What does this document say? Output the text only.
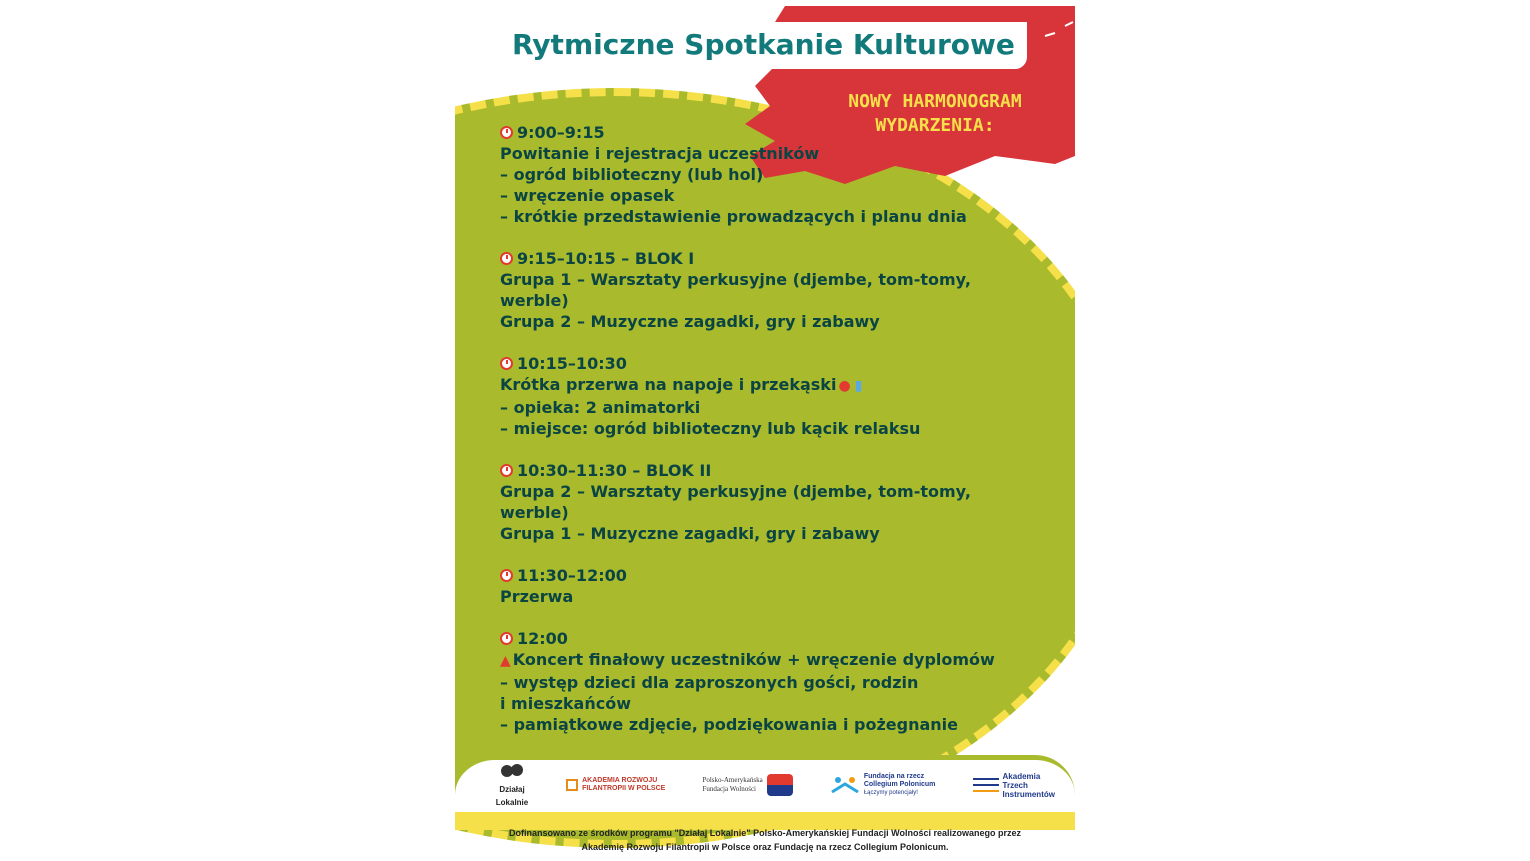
Rytmiczne Spotkanie Kulturowe
NOWY HARMONOGRAM
WYDARZENIA:
9:00–9:15
Powitanie i rejestracja uczestników
– ogród biblioteczny (lub hol)
– wręczenie opasek
– krótkie przedstawienie prowadzących i planu dnia
9:15–10:15 – BLOK I
Grupa 1 – Warsztaty perkusyjne (djembe, tom-tomy,
werble)
Grupa 2 – Muzyczne zagadki, gry i zabawy
10:15–10:30
Krótka przerwa na napoje i przekąski ● ▮
– opieka: 2 animatorki
– miejsce: ogród biblioteczny lub kącik relaksu
10:30–11:30 – BLOK II
Grupa 2 – Warsztaty perkusyjne (djembe, tom-tomy,
werble)
Grupa 1 – Muzyczne zagadki, gry i zabawy
11:30–12:00
Przerwa
12:00
▲ Koncert finałowy uczestników + wręczenie dyplomów
– występ dzieci dla zaproszonych gości, rodzin
i mieszkańców
– pamiątkowe zdjęcie, podziękowania i pożegnanie
Działaj
Lokalnie
AKADEMIA ROZWOJU
FILANTROPII W POLSCE
Polsko-Amerykańska
Fundacja Wolności
Fundacja na rzecz
Collegium Polonicum
Łączymy potencjały!
Akademia
Trzech
Instrumentów
Dofinansowano ze środków programu "Działaj Lokalnie" Polsko-Amerykańskiej Fundacji Wolności realizowanego przez
Akademię Rozwoju Filantropii w Polsce oraz Fundację na rzecz Collegium Polonicum.
